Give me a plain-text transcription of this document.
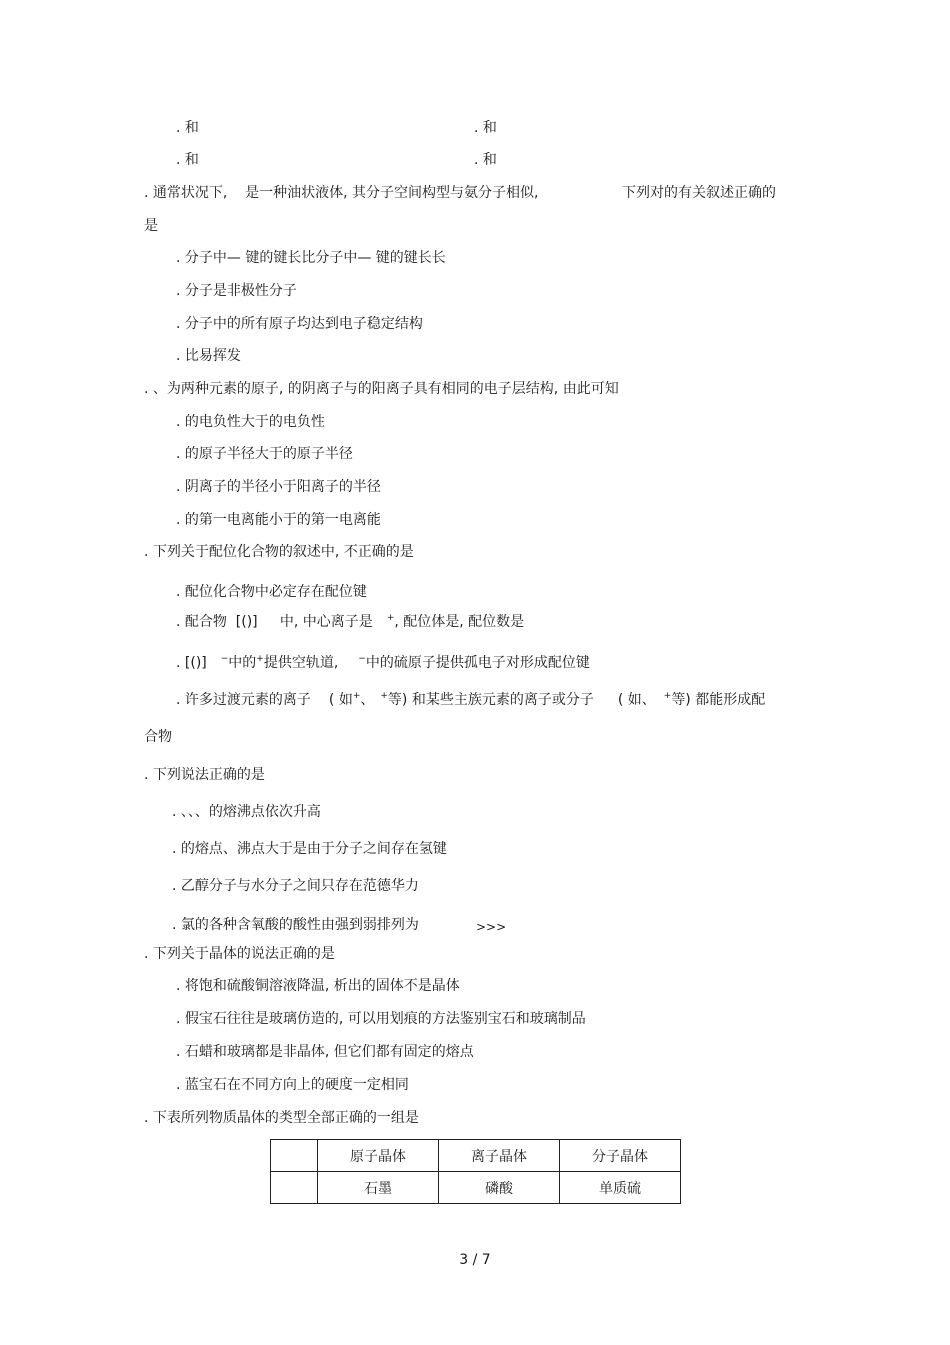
. 和	. 和
. 和	. 和
. 通常状况下,    是一种油状液体, 其分子空间构型与氨分子相似,	下列对的有关叙述正确的
是
. 分子中— 键的键长比分子中— 键的键长长
. 分子是非极性分子
. 分子中的所有原子均达到电子稳定结构
. 比易挥发
. 、为两种元素的原子, 的阴离子与的阳离子具有相同的电子层结构, 由此可知
. 的电负性大于的电负性
. 的原子半径大于的原子半径
. 阴离子的半径小于阳离子的半径
. 的第一电离能小于的第一电离能
. 下列关于配位化合物的叙述中, 不正确的是
. 配位化合物中必定存在配位键
. 配合物  [()]     中, 中心离子是 +, 配位体是, 配位数是
. [()] −中的+提供空轨道, −中的硫原子提供孤电子对形成配位键
. 许多过渡元素的离子 ( 如+、 +等) 和某些主族元素的离子或分子 ( 如、 +等) 都能形成配
合物
. 下列说法正确的是
. 、、、的熔沸点依次升高
. 的熔点、沸点大于是由于分子之间存在氢键
. 乙醇分子与水分子之间只存在范德华力
. 氯的各种含氧酸的酸性由强到弱排列为	>>>
. 下列关于晶体的说法正确的是
. 将饱和硫酸铜溶液降温, 析出的固体不是晶体
. 假宝石往往是玻璃仿造的, 可以用划痕的方法鉴别宝石和玻璃制品
. 石蜡和玻璃都是非晶体, 但它们都有固定的熔点
. 蓝宝石在不同方向上的硬度一定相同
. 下表所列物质晶体的类型全部正确的一组是
	原子晶体	离子晶体	分子晶体
	石墨	磷酸	单质硫
3 / 7
